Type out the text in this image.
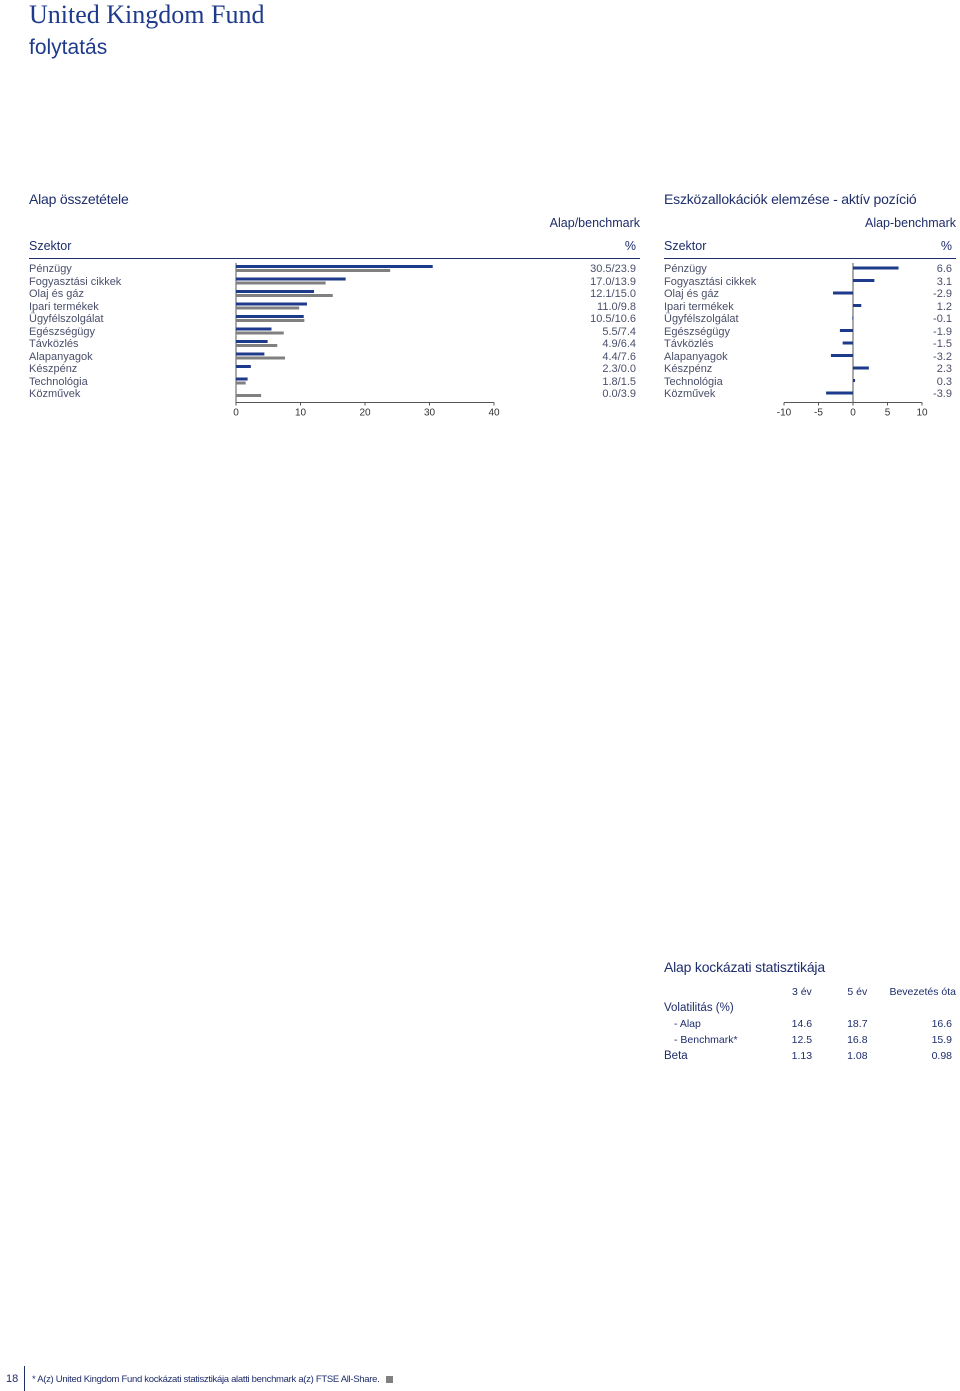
United Kingdom Fund
folytatás
Alap összetétele
Alap/benchmark
Szektor	%
Pénzügy	30.5/23.9
Fogyasztási cikkek	17.0/13.9
Olaj és gáz	12.1/15.0
Ipari termékek	11.0/9.8
Ügyfélszolgálat	10.5/10.6
Egészségügy	5.5/7.4
Távközlés	4.9/6.4
Alapanyagok	4.4/7.6
Készpénz	2.3/0.0
Technológia	1.8/1.5
Közművek	0.0/3.9
0	10	20	30	40	-10 -5	0	5	10
Eszközallokációk elemzése - aktív pozíció
Alap-benchmark
Szektor	%
Pénzügy	6.6
Fogyasztási cikkek	3.1
Olaj és gáz	-2.9
Ipari termékek	1.2
Ügyfélszolgálat	-0.1
Egészségügy	-1.9
Távközlés	-1.5
Alapanyagok	-3.2
Készpénz	2.3
Technológia	0.3
Közművek	-3.9
Alap kockázati statisztikája
	3 év	5 év	Bevezetés óta
Volatilitás (%)			
- Alap	14.6	18.7	16.6
- Benchmark*	12.5	16.8	15.9
Beta	1.13	1.08	0.98
18 * A(z) United Kingdom Fund kockázati statisztikája alatti benchmark a(z) FTSE All-Share.
